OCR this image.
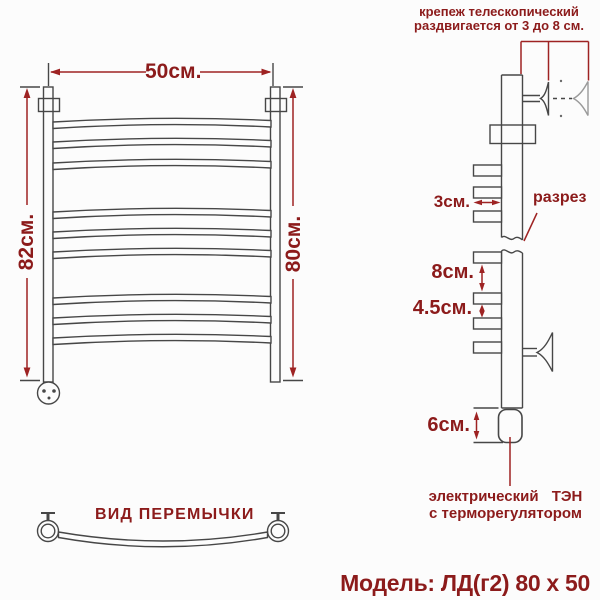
крепеж телескопический
раздвигается от 3 до 8 см.
50см.
82см.	80см.
3см.	разрез
8см.
4.5см.
6см.
электрический ТЭН
с терморегулятором
ВИД ПЕРЕМЫЧКИ
Модель: ЛД(г2) 80 х 50
